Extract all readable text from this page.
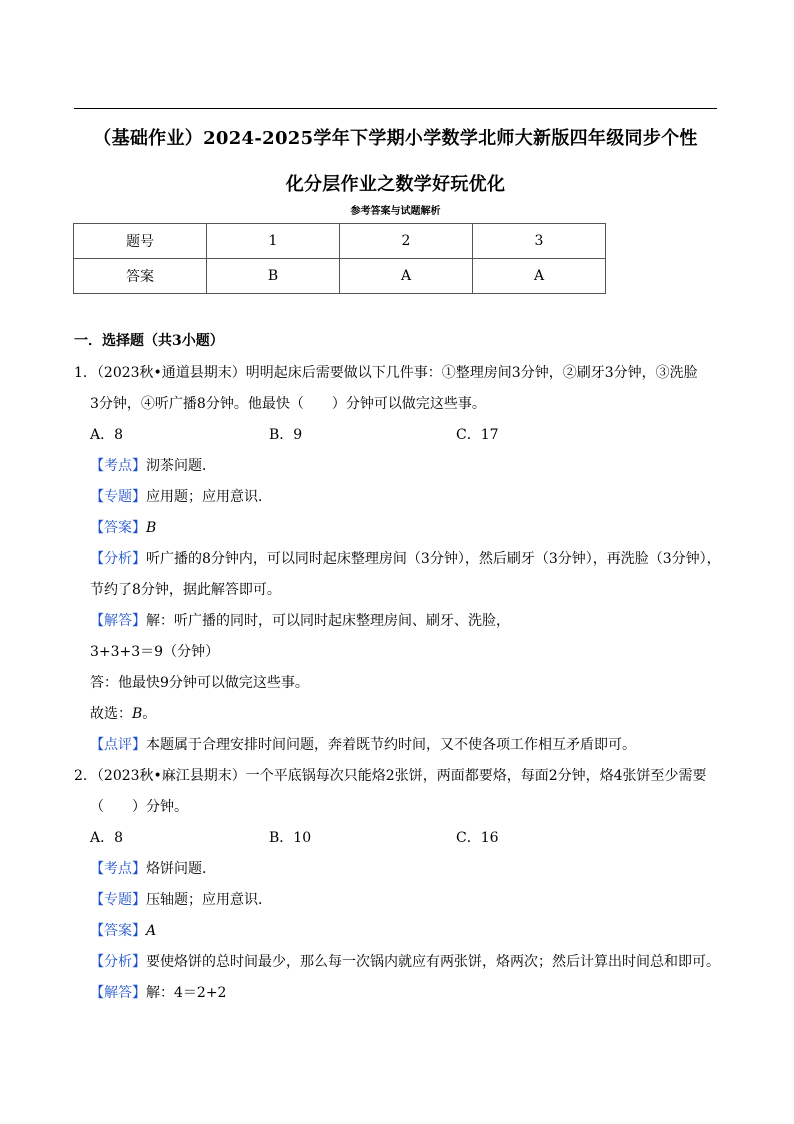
（基础作业）2024-2025学年下学期小学数学北师大新版四年级同步个性
化分层作业之数学好玩优化
参考答案与试题解析
题号	1	2	3
答案	B	A	A
一．选择题（共3小题）
1．（2023秋•通道县期末）明明起床后需要做以下几件事：①整理房间3分钟，②刷牙3分钟，③洗脸
3分钟，④听广播8分钟。他最快（　　）分钟可以做完这些事。
A．8	B．9	C．17
【考点】沏茶问题．
【专题】应用题；应用意识．
【答案】B
【分析】听广播的8分钟内，可以同时起床整理房间（3分钟），然后刷牙（3分钟），再洗脸（3分钟），
节约了8分钟，据此解答即可。
【解答】解：听广播的同时，可以同时起床整理房间、刷牙、洗脸，
3+3+3＝9（分钟）
答：他最快9分钟可以做完这些事。
故选：B。
【点评】本题属于合理安排时间问题，奔着既节约时间，又不使各项工作相互矛盾即可。
2．（2023秋•麻江县期末）一个平底锅每次只能烙2张饼，两面都要烙，每面2分钟，烙4张饼至少需要
（　　）分钟。
A．8	B．10	C．16
【考点】烙饼问题．
【专题】压轴题；应用意识．
【答案】A
【分析】要使烙饼的总时间最少，那么每一次锅内就应有两张饼，烙两次；然后计算出时间总和即可。
【解答】解：4＝2+2
